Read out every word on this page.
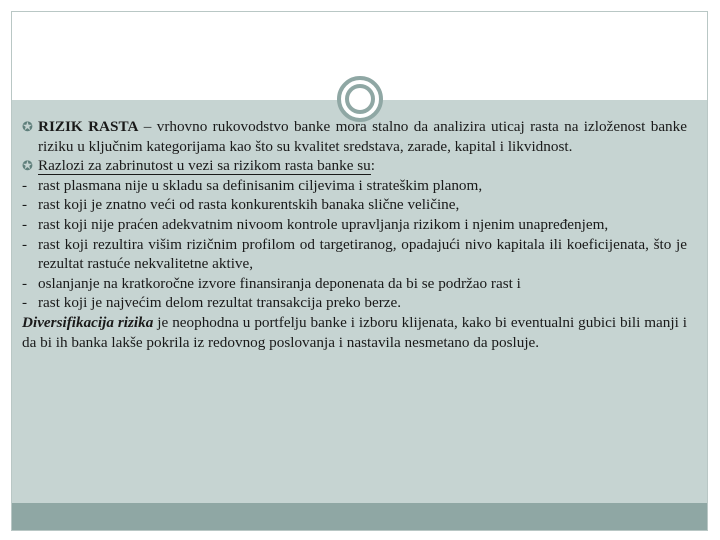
✪ RIZIK RASTA – vrhovno rukovodstvo banke mora stalno da analizira uticaj rasta na izloženost banke riziku u ključnim kategorijama kao što su kvalitet sredstava, zarade, kapital i likvidnost.

✪ Razlozi za zabrinutost u vezi sa rizikom rasta banke su:

- rast plasmana nije u skladu sa definisanim ciljevima i strateškim planom,

- rast koji je znatno veći od rasta konkurentskih banaka slične veličine,

- rast koji nije praćen adekvatnim nivoom kontrole upravljanja rizikom i njenim unapređenjem,

- rast koji rezultira višim rizičnim profilom od targetiranog, opadajući nivo kapitala ili koeficijenata, što je rezultat rastuće nekvalitetne aktive,

- oslanjanje na kratkoročne izvore finansiranja deponenata da bi se podržao rast i

- rast koji je najvećim delom rezultat transakcija preko berze.

Diversifikacija rizika je neophodna u portfelju banke i izboru klijenata, kako bi eventualni gubici bili manji i da bi ih banka lakše pokrila iz redovnog poslovanja i nastavila nesmetano da posluje.
